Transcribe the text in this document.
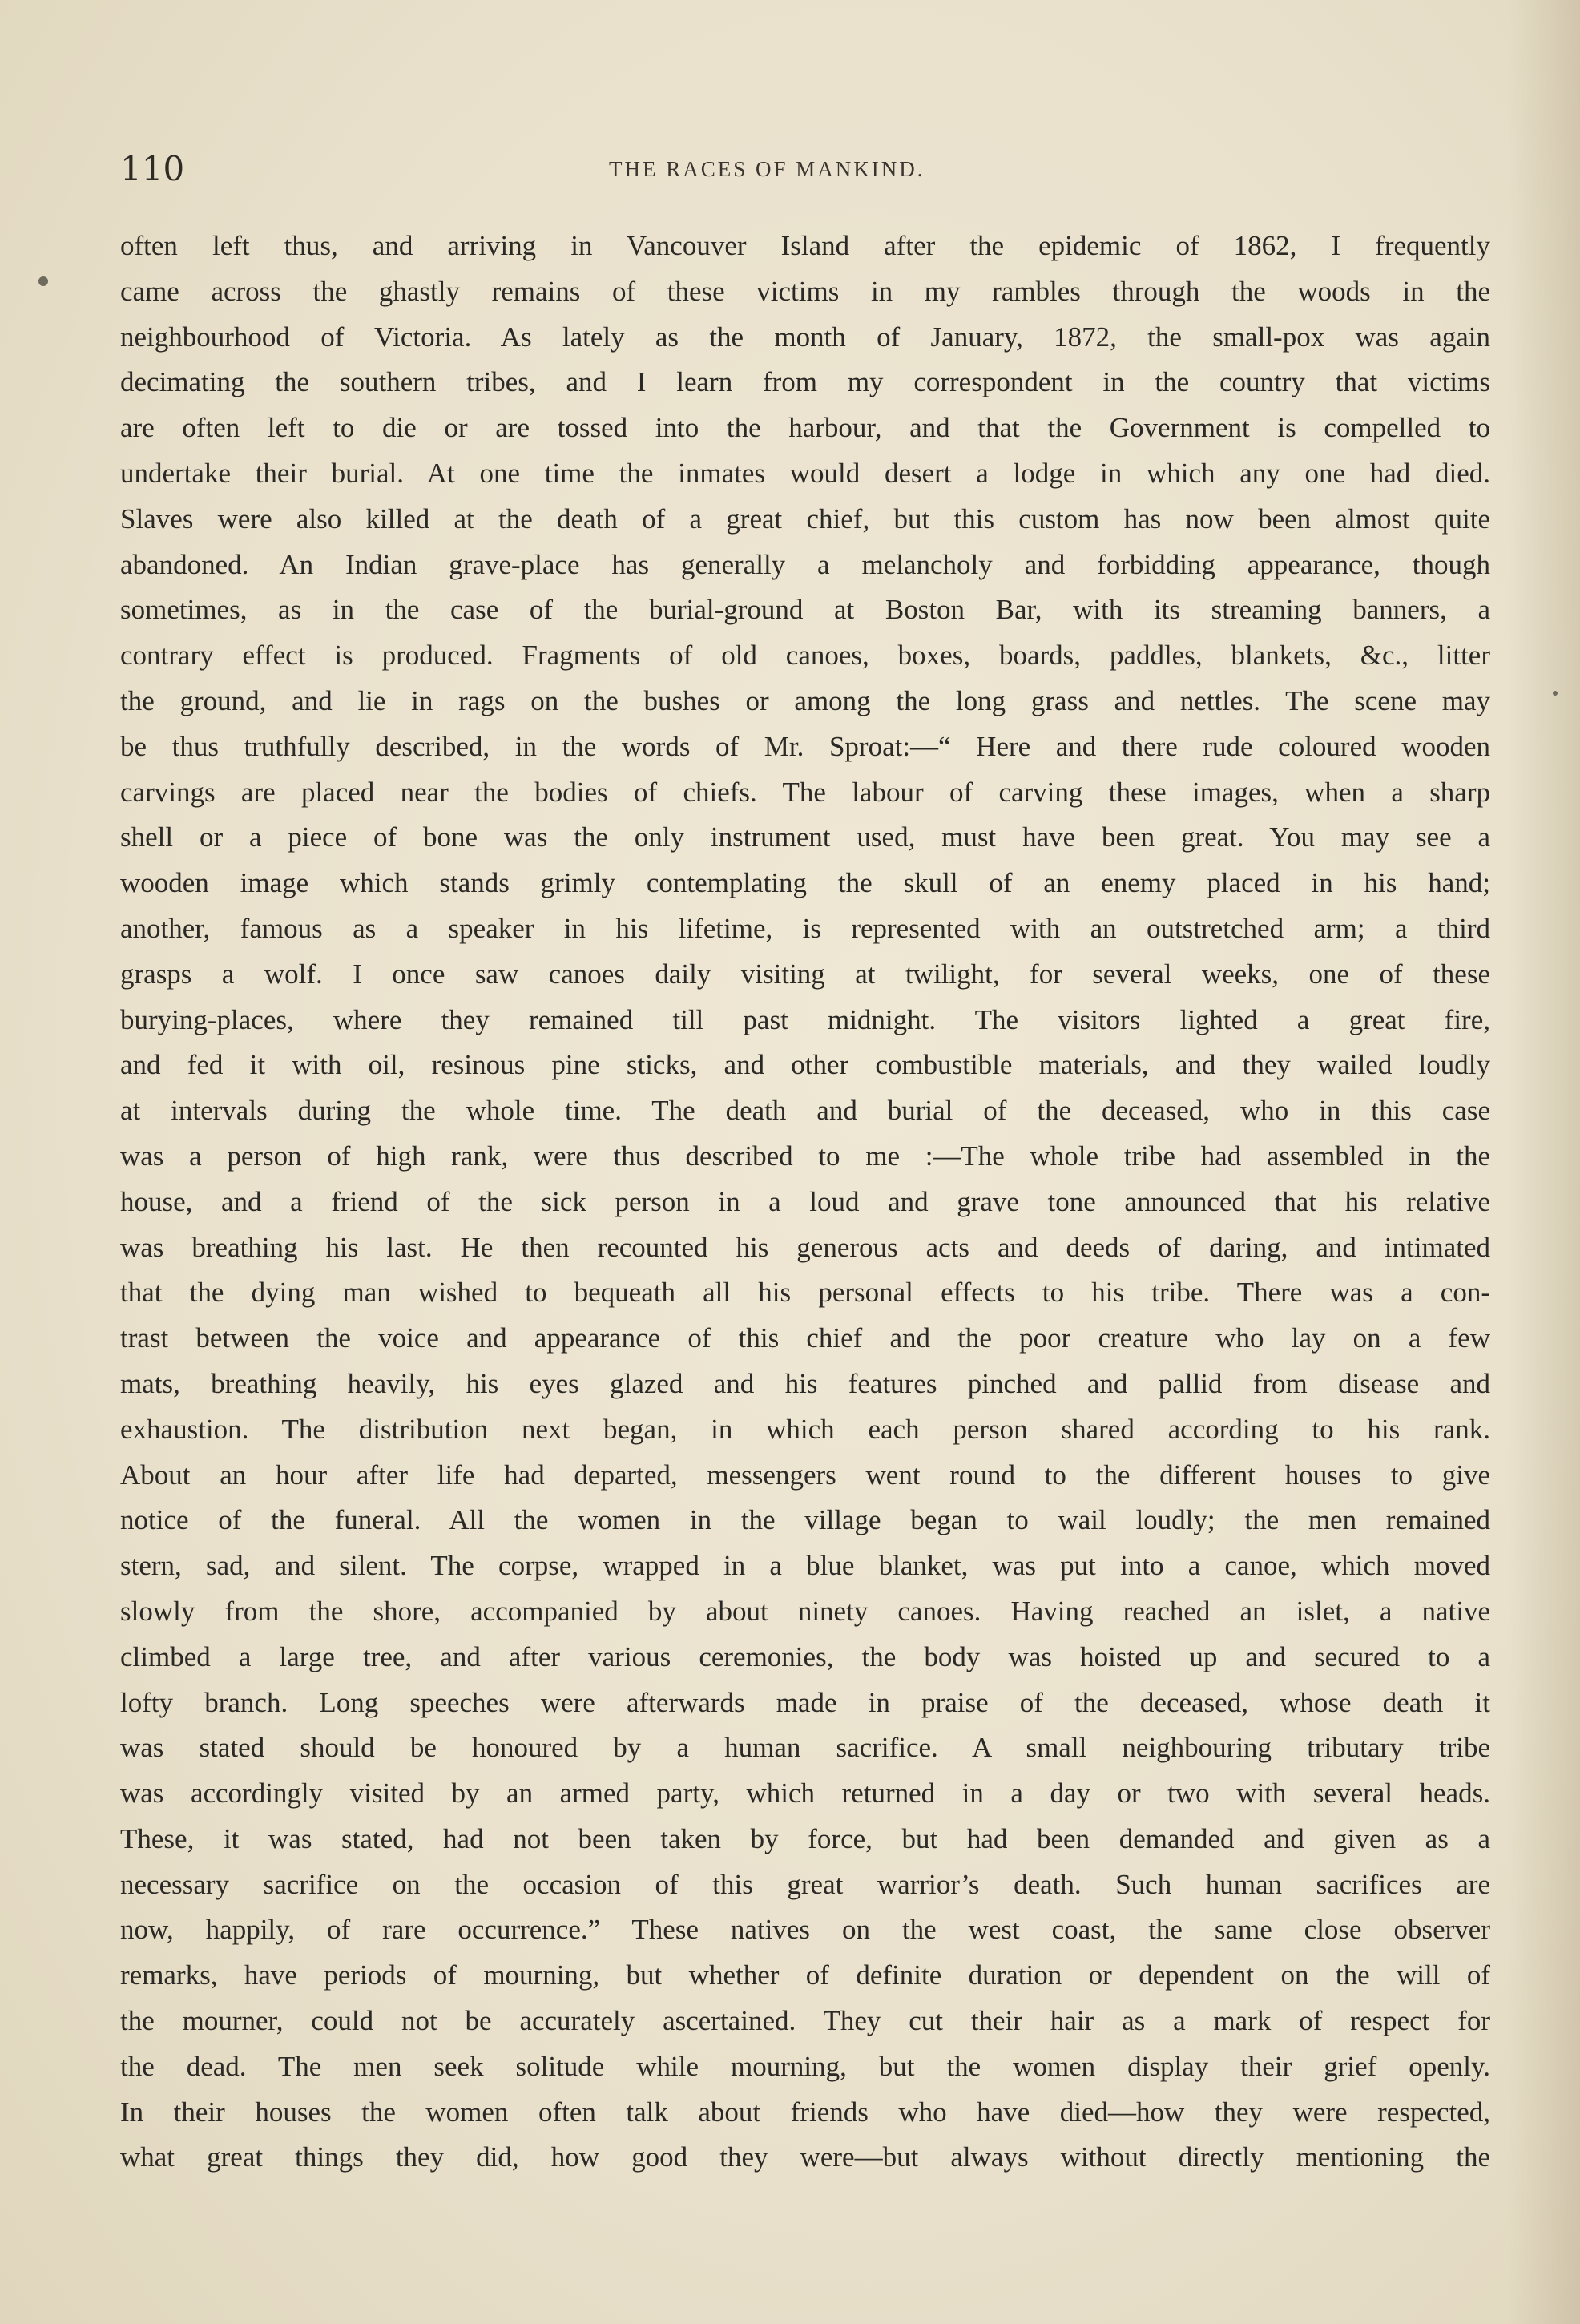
110	THE RACES OF MANKIND.
often left thus, and arriving in Vancouver Island after the epidemic of 1862, I frequently
came across the ghastly remains of these victims in my rambles through the woods in the
neighbourhood of Victoria. As lately as the month of January, 1872, the small-pox was again
decimating the southern tribes, and I learn from my correspondent in the country that victims
are often left to die or are tossed into the harbour, and that the Government is compelled to
undertake their burial. At one time the inmates would desert a lodge in which any one had died.
Slaves were also killed at the death of a great chief, but this custom has now been almost quite
abandoned. An Indian grave-place has generally a melancholy and forbidding appearance, though
sometimes, as in the case of the burial-ground at Boston Bar, with its streaming banners, a
contrary effect is produced. Fragments of old canoes, boxes, boards, paddles, blankets, &c., litter
the ground, and lie in rags on the bushes or among the long grass and nettles. The scene may
be thus truthfully described, in the words of Mr. Sproat:—“ Here and there rude coloured wooden
carvings are placed near the bodies of chiefs. The labour of carving these images, when a sharp
shell or a piece of bone was the only instrument used, must have been great. You may see a
wooden image which stands grimly contemplating the skull of an enemy placed in his hand;
another, famous as a speaker in his lifetime, is represented with an outstretched arm; a third
grasps a wolf. I once saw canoes daily visiting at twilight, for several weeks, one of these
burying-places, where they remained till past midnight. The visitors lighted a great fire,
and fed it with oil, resinous pine sticks, and other combustible materials, and they wailed loudly
at intervals during the whole time. The death and burial of the deceased, who in this case
was a person of high rank, were thus described to me :—The whole tribe had assembled in the
house, and a friend of the sick person in a loud and grave tone announced that his relative
was breathing his last. He then recounted his generous acts and deeds of daring, and intimated
that the dying man wished to bequeath all his personal effects to his tribe. There was a con-
trast between the voice and appearance of this chief and the poor creature who lay on a few
mats, breathing heavily, his eyes glazed and his features pinched and pallid from disease and
exhaustion. The distribution next began, in which each person shared according to his rank.
About an hour after life had departed, messengers went round to the different houses to give
notice of the funeral. All the women in the village began to wail loudly; the men remained
stern, sad, and silent. The corpse, wrapped in a blue blanket, was put into a canoe, which moved
slowly from the shore, accompanied by about ninety canoes. Having reached an islet, a native
climbed a large tree, and after various ceremonies, the body was hoisted up and secured to a
lofty branch. Long speeches were afterwards made in praise of the deceased, whose death it
was stated should be honoured by a human sacrifice. A small neighbouring tributary tribe
was accordingly visited by an armed party, which returned in a day or two with several heads.
These, it was stated, had not been taken by force, but had been demanded and given as a
necessary sacrifice on the occasion of this great warrior’s death. Such human sacrifices are
now, happily, of rare occurrence.” These natives on the west coast, the same close observer
remarks, have periods of mourning, but whether of definite duration or dependent on the will of
the mourner, could not be accurately ascertained. They cut their hair as a mark of respect for
the dead. The men seek solitude while mourning, but the women display their grief openly.
In their houses the women often talk about friends who have died—how they were respected,
what great things they did, how good they were—but always without directly mentioning the
